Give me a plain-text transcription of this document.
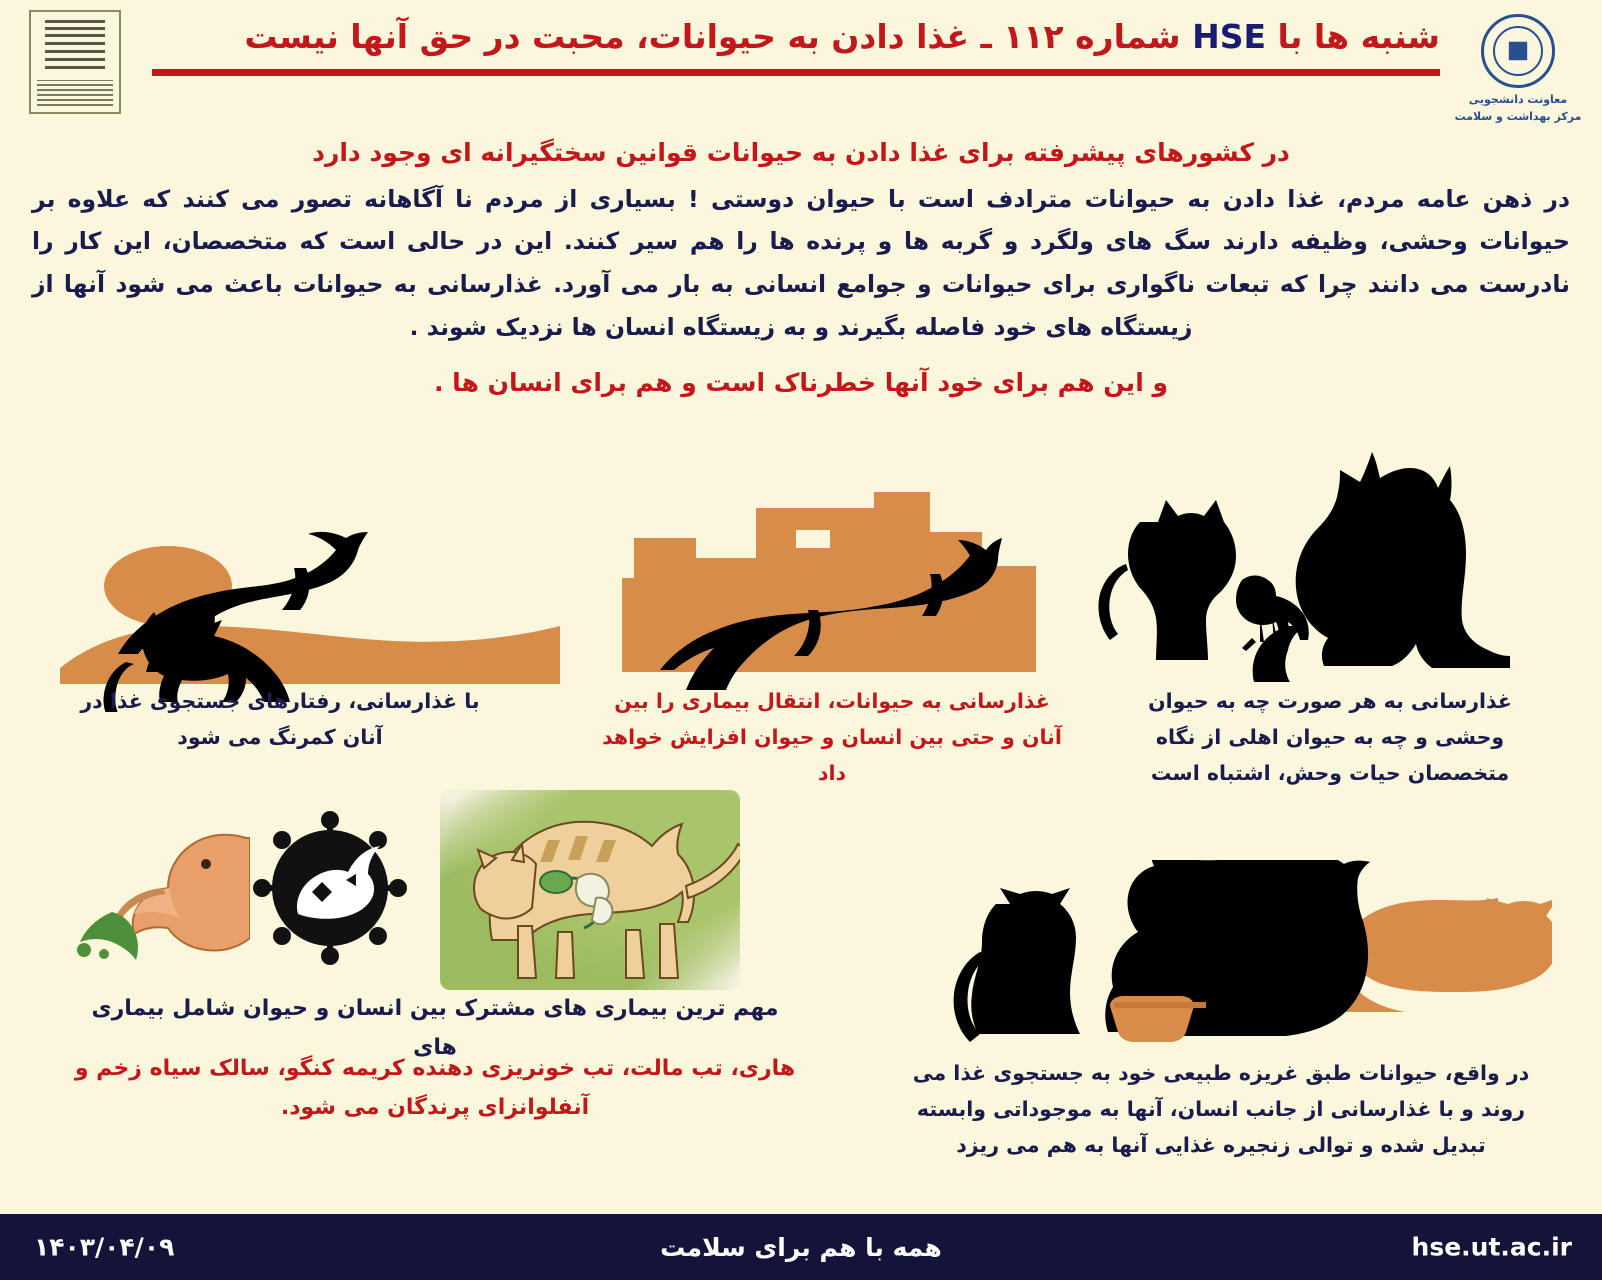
معاونت دانشجویی
مرکز بهداشت و سلامت
شنبه ها با HSE شماره ۱۱۲ ـ غذا دادن به حیوانات، محبت در حق آنها نیست
در کشورهای پیشرفته برای غذا دادن به حیوانات قوانین سختگیرانه ای وجود دارد
در ذهن عامه مردم، غذا دادن به حیوانات مترادف است با حیوان دوستی ! بسیاری از مردم نا آگاهانه تصور می کنند که علاوه بر حیوانات وحشی، وظیفه دارند سگ های ولگرد و گربه ها و پرنده ها را هم سیر کنند. این در حالی است که متخصصان، این کار را نادرست می دانند چرا که تبعات ناگواری برای حیوانات و جوامع انسانی به بار می آورد. غذارسانی به حیوانات باعث می شود آنها از زیستگاه های خود فاصله بگیرند و به زیستگاه انسان ها نزدیک شوند .
و این هم برای خود آنها خطرناک است و هم برای انسان ها .
غذارسانی به هر صورت چه به حیوان وحشی و چه به حیوان اهلی از نگاه متخصصان حیات وحش، اشتباه است
غذارسانی به حیوانات، انتقال بیماری را بین آنان و حتی بین انسان و حیوان افزایش خواهد داد
با غذارسانی، رفتارهای جستجوی غذا در آنان کمرنگ می شود
در واقع، حیوانات طبق غریزه طبیعی خود به جستجوی غذا می روند و با غذارسانی از جانب انسان، آنها به موجوداتی وابسته تبدیل شده و توالی زنجیره غذایی آنها به هم می ریزد
مهم ترین بیماری های مشترک بین انسان و حیوان شامل بیماری های
هاری، تب مالت، تب خونریزی دهنده کریمه کنگو، سالک سیاه زخم و آنفلوانزای پرندگان می شود.
hse.ut.ac.ir
همه با هم برای سلامت
۱۴۰۳/۰۴/۰۹
